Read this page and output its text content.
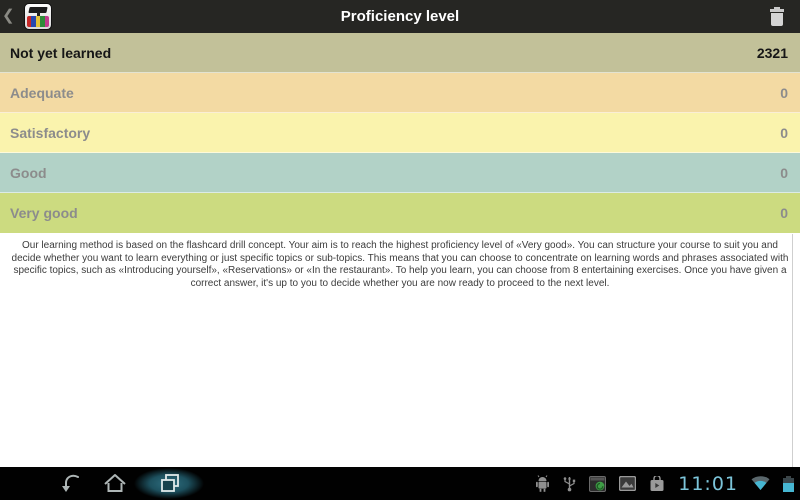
❮	Proficiency level
Not yet learned	2321
Adequate	0
Satisfactory	0
Good	0
Very good	0
Our learning method is based on the flashcard drill concept. Your aim is to reach the highest proficiency level of «Very good». You can structure your course to suit you and decide whether you want to learn everything or just specific topics or sub-topics. This means that you can choose to concentrate on learning words and phrases associated with specific topics, such as «Introducing yourself», «Reservations» or «In the restaurant». To help you learn, you can choose from 8 entertaining exercises. Once you have given a correct answer, it's up to you to decide whether you are now ready to proceed to the next level.
11:01
